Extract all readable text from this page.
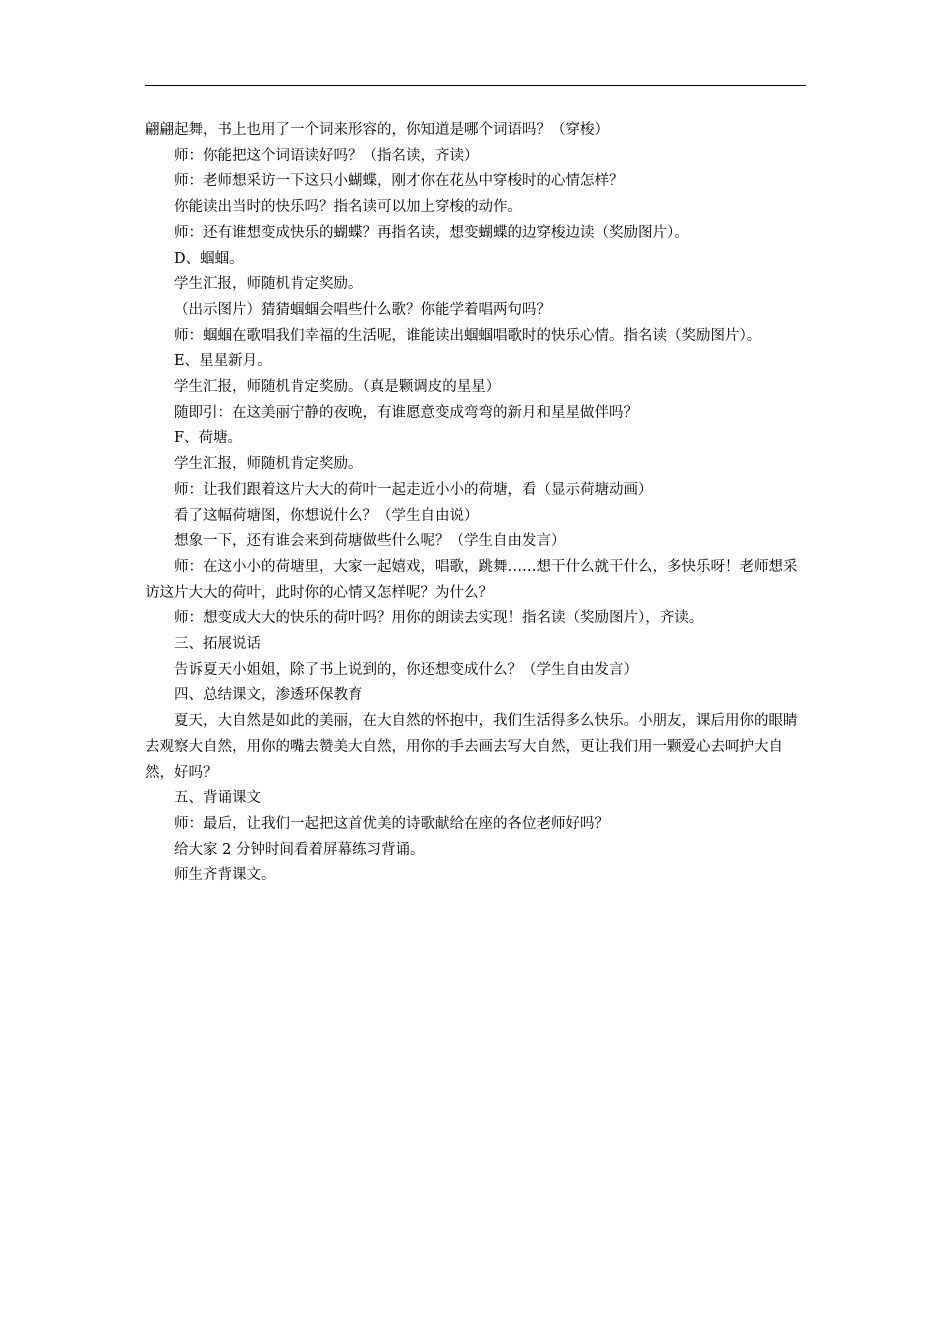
翩翩起舞，书上也用了一个词来形容的，你知道是哪个词语吗？（穿梭）

师：你能把这个词语读好吗？（指名读，齐读）

师：老师想采访一下这只小蝴蝶，刚才你在花丛中穿梭时的心情怎样？

你能读出当时的快乐吗？指名读可以加上穿梭的动作。

师：还有谁想变成快乐的蝴蝶？再指名读，想变蝴蝶的边穿梭边读（奖励图片）。

D、蝈蝈。

学生汇报，师随机肯定奖励。

（出示图片）猜猜蝈蝈会唱些什么歌？你能学着唱两句吗？

师：蝈蝈在歌唱我们幸福的生活呢，谁能读出蝈蝈唱歌时的快乐心情。指名读（奖励图片）。

E、星星新月。

学生汇报，师随机肯定奖励。（真是颗调皮的星星）

随即引：在这美丽宁静的夜晚，有谁愿意变成弯弯的新月和星星做伴吗？

F、荷塘。

学生汇报，师随机肯定奖励。

师：让我们跟着这片大大的荷叶一起走近小小的荷塘，看（显示荷塘动画）

看了这幅荷塘图，你想说什么？（学生自由说）

想象一下，还有谁会来到荷塘做些什么呢？（学生自由发言）

师：在这小小的荷塘里，大家一起嬉戏，唱歌，跳舞……想干什么就干什么，多快乐呀！老师想采访这片大大的荷叶，此时你的心情又怎样呢？为什么？

师：想变成大大的快乐的荷叶吗？用你的朗读去实现！指名读（奖励图片），齐读。

三、拓展说话

告诉夏天小姐姐，除了书上说到的，你还想变成什么？（学生自由发言）

四、总结课文，渗透环保教育

夏天，大自然是如此的美丽，在大自然的怀抱中，我们生活得多么快乐。小朋友，课后用你的眼睛去观察大自然，用你的嘴去赞美大自然，用你的手去画去写大自然，更让我们用一颗爱心去呵护大自然，好吗？

五、背诵课文

师：最后，让我们一起把这首优美的诗歌献给在座的各位老师好吗？

给大家 2 分钟时间看着屏幕练习背诵。

师生齐背课文。
